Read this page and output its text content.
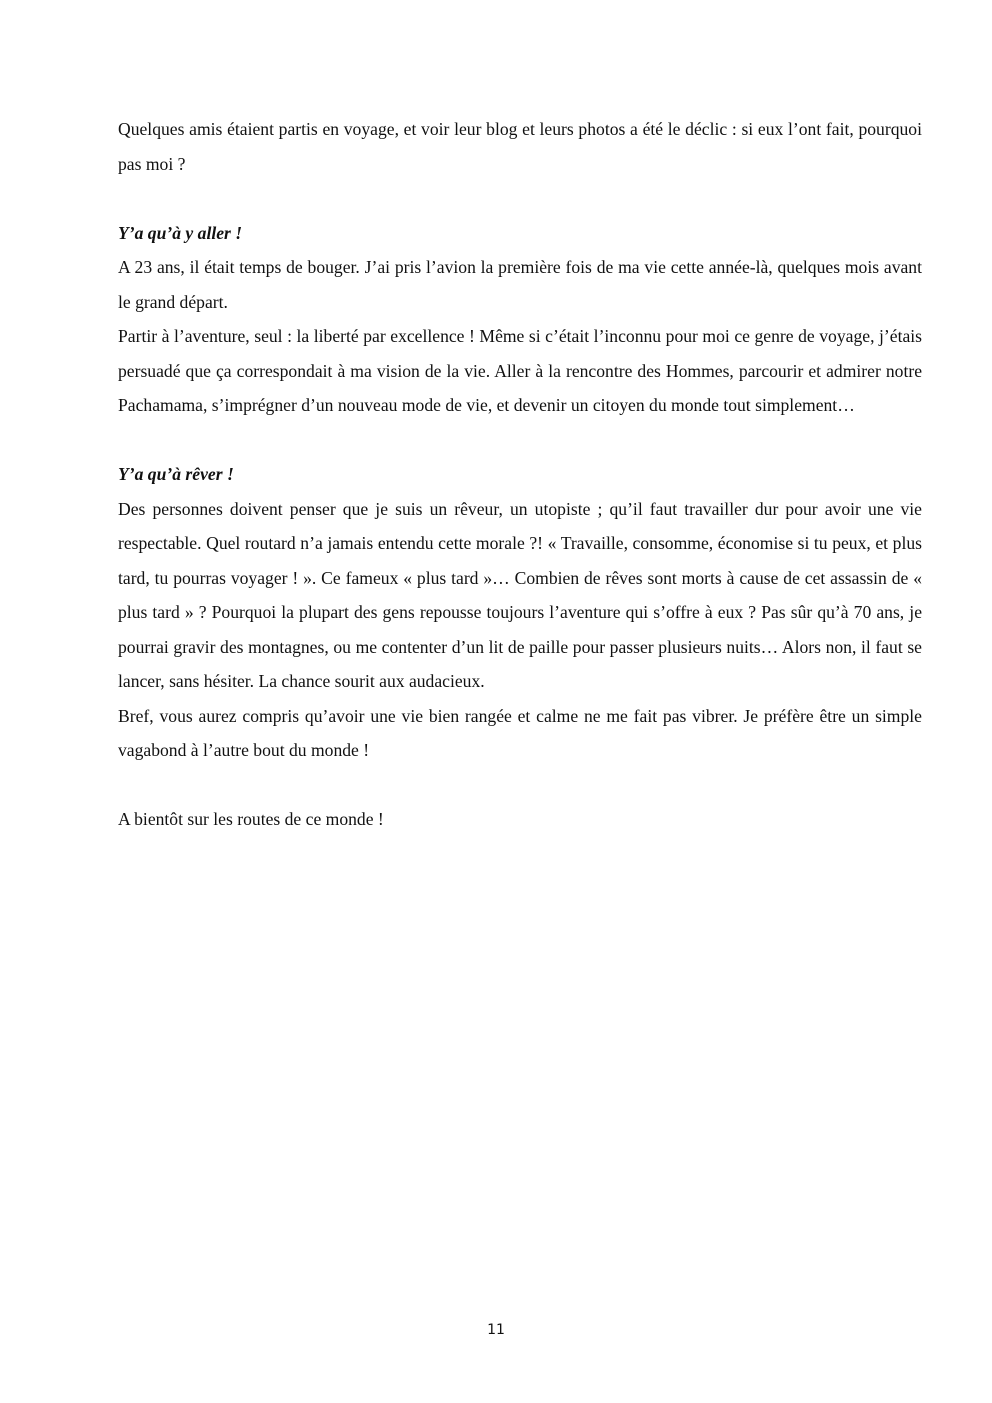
Quelques amis étaient partis en voyage, et voir leur blog et leurs photos a été le déclic : si eux l’ont fait, pourquoi pas moi ?

Y’a qu’à y aller !

A 23 ans, il était temps de bouger. J’ai pris l’avion la première fois de ma vie cette année-là, quelques mois avant le grand départ.

Partir à l’aventure, seul : la liberté par excellence ! Même si c’était l’inconnu pour moi ce genre de voyage, j’étais persuadé que ça correspondait à ma vision de la vie. Aller à la rencontre des Hommes, parcourir et admirer notre Pachamama, s’imprégner d’un nouveau mode de vie, et devenir un citoyen du monde tout simplement…

Y’a qu’à rêver !

Des personnes doivent penser que je suis un rêveur, un utopiste ; qu’il faut travailler dur pour avoir une vie respectable. Quel routard n’a jamais entendu cette morale ?! « Travaille, consomme, économise si tu peux, et plus tard, tu pourras voyager ! ». Ce fameux « plus tard »… Combien de rêves sont morts à cause de cet assassin de « plus tard » ? Pourquoi la plupart des gens repousse toujours l’aventure qui s’offre à eux ? Pas sûr qu’à 70 ans, je pourrai gravir des montagnes, ou me contenter d’un lit de paille pour passer plusieurs nuits… Alors non, il faut se lancer, sans hésiter. La chance sourit aux audacieux.

Bref, vous aurez compris qu’avoir une vie bien rangée et calme ne me fait pas vibrer. Je préfère être un simple vagabond à l’autre bout du monde !

A bientôt sur les routes de ce monde !

11
